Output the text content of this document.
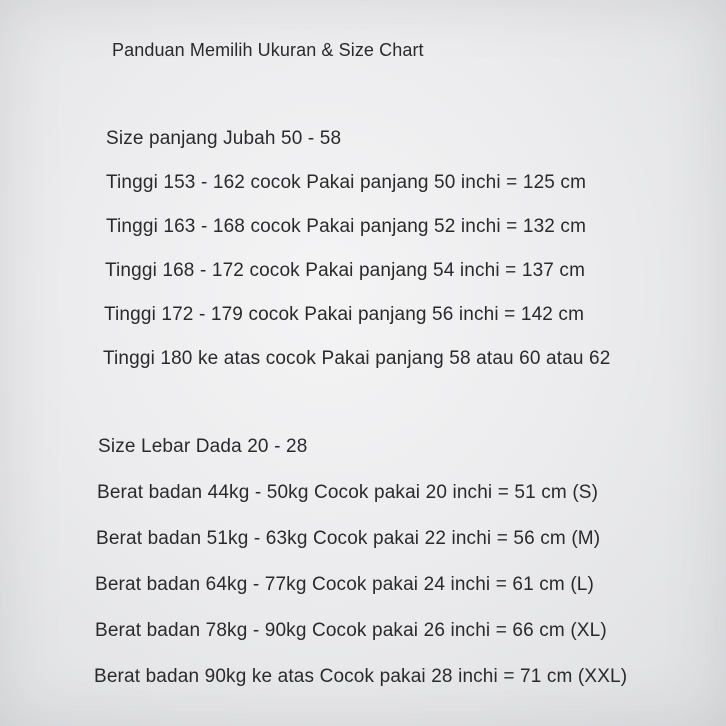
Panduan Memilih Ukuran & Size Chart
Size panjang Jubah 50 - 58
Tinggi 153 - 162 cocok Pakai panjang 50 inchi = 125 cm
Tinggi 163 - 168 cocok Pakai panjang 52 inchi = 132 cm
Tinggi 168 - 172 cocok Pakai panjang 54 inchi = 137 cm
Tinggi 172 - 179 cocok Pakai panjang 56 inchi = 142 cm
Tinggi 180 ke atas cocok Pakai panjang 58 atau 60 atau 62
Size Lebar Dada 20 - 28
Berat badan 44kg - 50kg Cocok pakai 20 inchi = 51 cm (S)
Berat badan 51kg - 63kg Cocok pakai 22 inchi = 56 cm (M)
Berat badan 64kg - 77kg Cocok pakai 24 inchi = 61 cm (L)
Berat badan 78kg - 90kg Cocok pakai 26 inchi = 66 cm (XL)
Berat badan 90kg ke atas Cocok pakai 28 inchi = 71 cm (XXL)
